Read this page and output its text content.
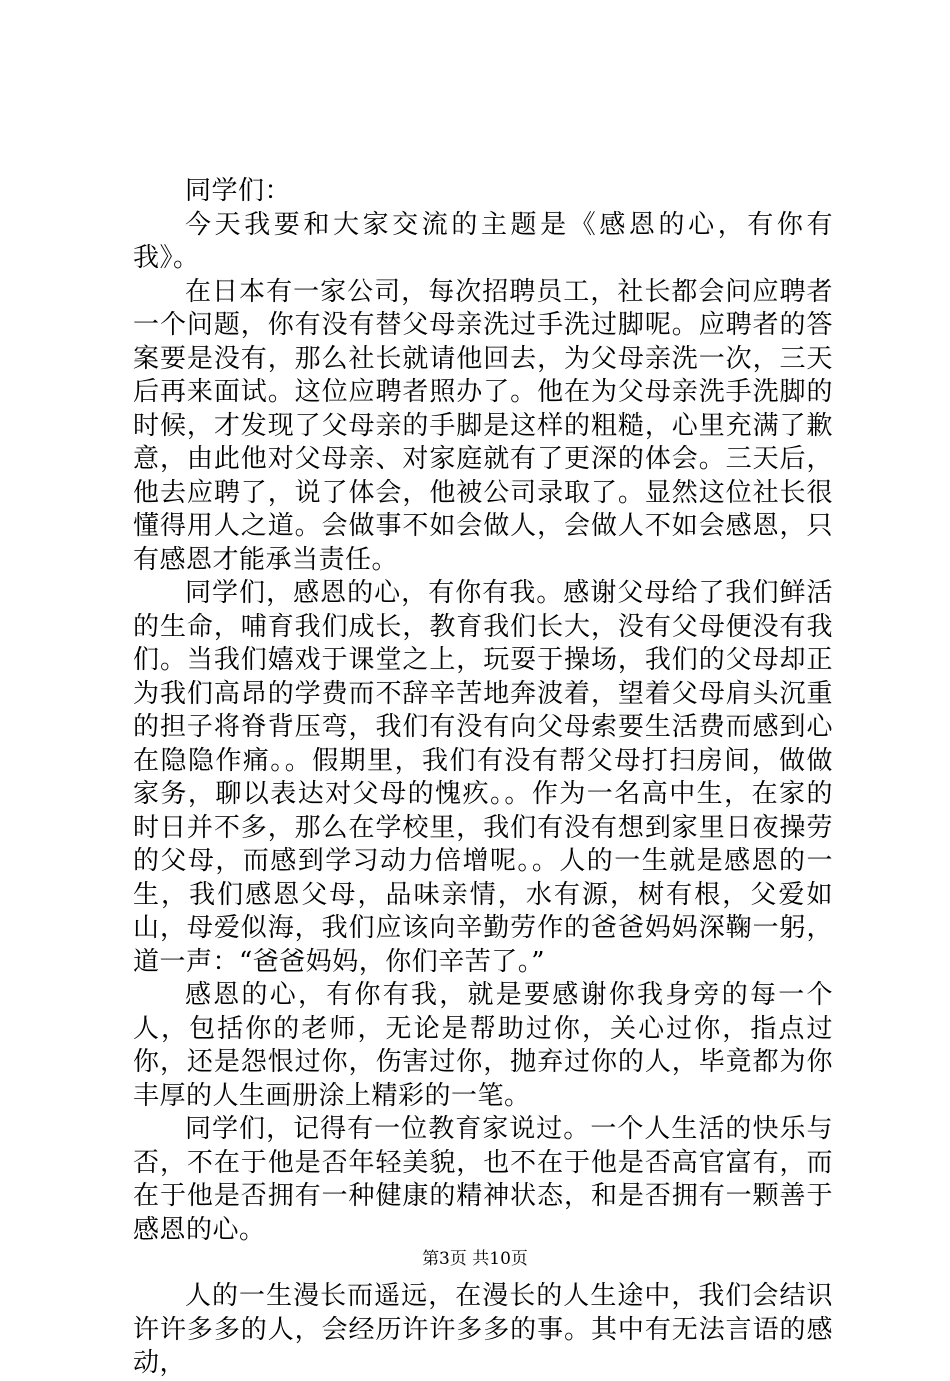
同学们：

今天我要和大家交流的主题是《感恩的心，有你有我》。

在日本有一家公司，每次招聘员工，社长都会问应聘者一个问题，你有没有替父母亲洗过手洗过脚呢。应聘者的答案要是没有，那么社长就请他回去，为父母亲洗一次，三天后再来面试。这位应聘者照办了。他在为父母亲洗手洗脚的时候，才发现了父母亲的手脚是这样的粗糙，心里充满了歉意，由此他对父母亲、对家庭就有了更深的体会。三天后，他去应聘了，说了体会，他被公司录取了。显然这位社长很懂得用人之道。会做事不如会做人，会做人不如会感恩，只有感恩才能承当责任。

同学们，感恩的心，有你有我。感谢父母给了我们鲜活的生命，哺育我们成长，教育我们长大，没有父母便没有我们。当我们嬉戏于课堂之上，玩耍于操场，我们的父母却正为我们高昂的学费而不辞辛苦地奔波着，望着父母肩头沉重的担子将脊背压弯，我们有没有向父母索要生活费而感到心在隐隐作痛。。假期里，我们有没有帮父母打扫房间，做做家务，聊以表达对父母的愧疚。。作为一名高中生，在家的时日并不多，那么在学校里，我们有没有想到家里日夜操劳的父母，而感到学习动力倍增呢。。人的一生就是感恩的一生，我们感恩父母，品味亲情，水有源，树有根，父爱如山，母爱似海，我们应该向辛勤劳作的爸爸妈妈深鞠一躬，道一声：“爸爸妈妈，你们辛苦了。”

感恩的心，有你有我，就是要感谢你我身旁的每一个人，包括你的老师，无论是帮助过你，关心过你，指点过你，还是怨恨过你，伤害过你，抛弃过你的人，毕竟都为你丰厚的人生画册涂上精彩的一笔。

同学们，记得有一位教育家说过。一个人生活的快乐与否，不在于他是否年轻美貌，也不在于他是否高官富有，而在于他是否拥有一种健康的精神状态，和是否拥有一颗善于感恩的心。

人的一生漫长而遥远，在漫长的人生途中，我们会结识许许多多的人，会经历许许多多的事。其中有无法言语的感动，

第3页 共10页
